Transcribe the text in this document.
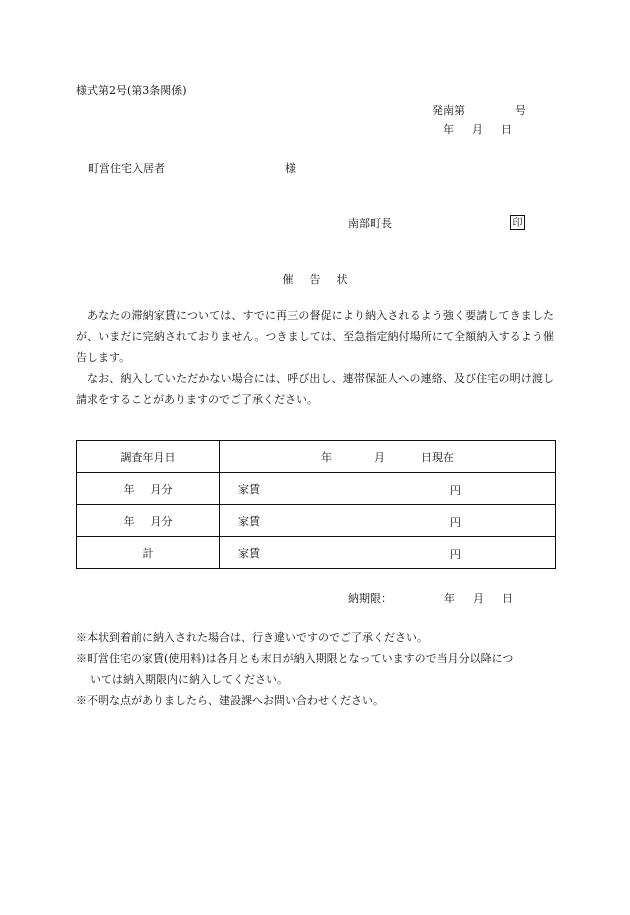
様式第2号(第3条関係)
発南第	号
年 月 日
町営住宅入居者	様
南部町長	印
催告状

あなたの滞納家賃については、すでに再三の督促により納入されるよう強く要請してきましたが、いまだに完納されておりません。つきましては、至急指定納付場所にて全額納入するよう催告します。

なお、納入していただかない場合には、呼び出し、連帯保証人への連絡、及び住宅の明け渡し請求をすることがありますのでご了承ください。

調査年月日	年 月 日現在
年 月分	家賃 円

年 月分	家賃 円

計	家賃 円
納期限：	年 月 日
※本状到着前に納入された場合は、行き違いですのでご了承ください。
※町営住宅の家賃(使用料)は各月とも末日が納入期限となっていますので当月分以降につ
いては納入期限内に納入してください。
※不明な点がありましたら、建設課へお問い合わせください。
